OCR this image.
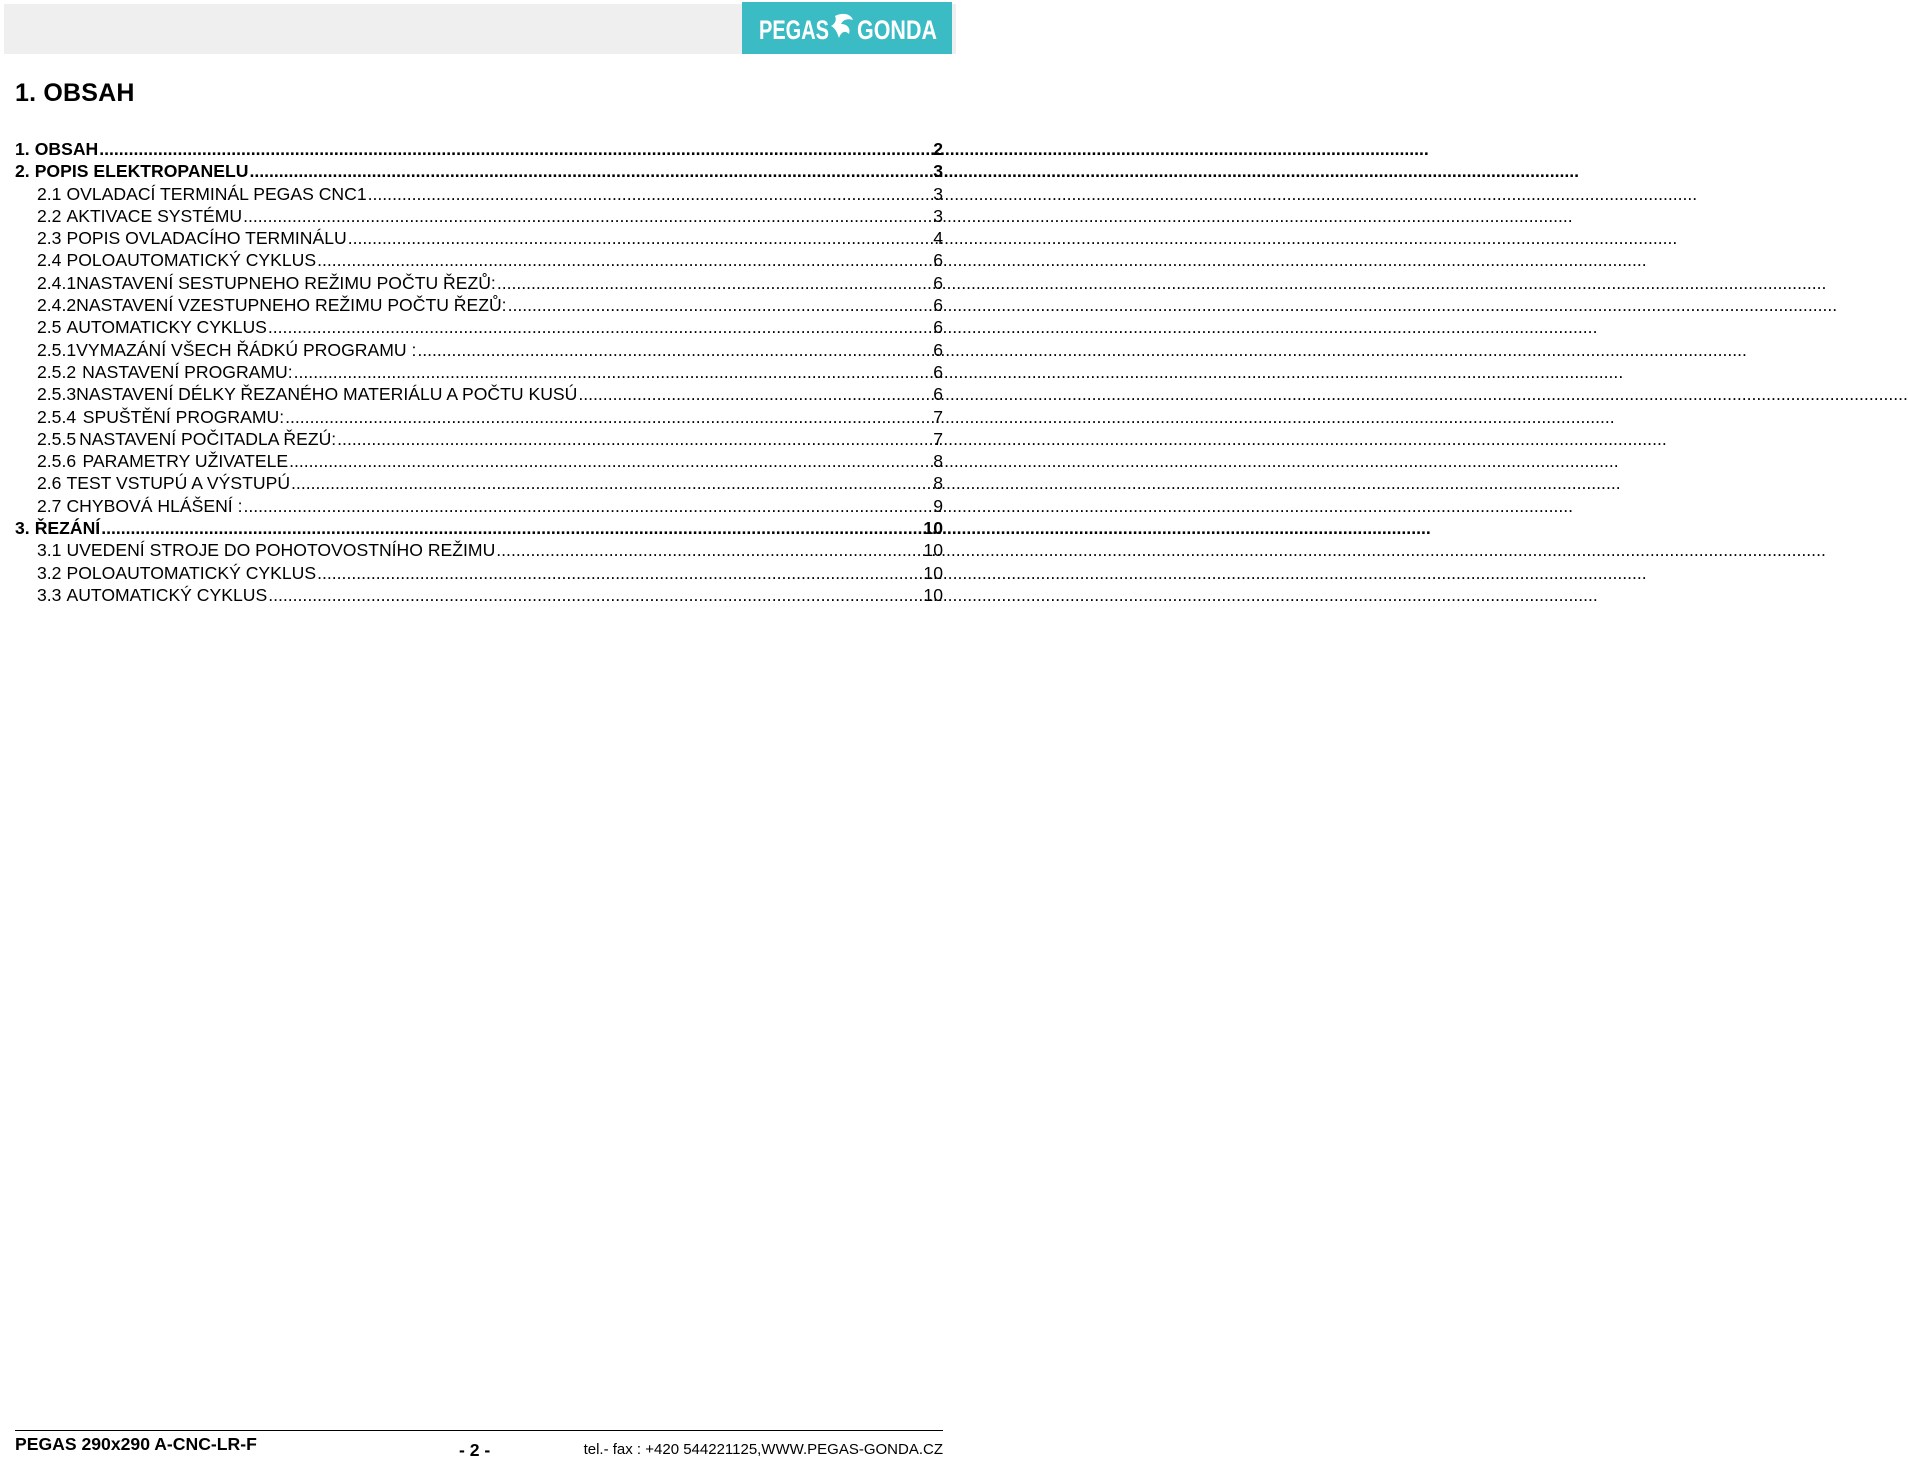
PEGAS GONDA
1. OBSAH
1. OBSAH .....	2
2. POPIS ELEKTROPANELU .....	3
2.1 OVLADACÍ TERMINÁL PEGAS CNC1 .....	3
2.2 AKTIVACE SYSTÉMU .....	3
2.3 POPIS OVLADACÍHO TERMINÁLU .....	4
2.4 POLOAUTOMATICKÝ CYKLUS .....	6
2.4.1 NASTAVENÍ SESTUPNEHO REŽIMU POČTU ŘEZŮ: .....	6
2.4.2 NASTAVENÍ VZESTUPNEHO REŽIMU POČTU ŘEZŮ: .....	6
2.5 AUTOMATICKY CYKLUS .....	6
2.5.1 VYMAZÁNÍ VŠECH ŘÁDKÚ PROGRAMU : .....	6
2.5.2 NASTAVENÍ PROGRAMU: .....	6
2.5.3 NASTAVENÍ DÉLKY ŘEZANÉHO MATERIÁLU A POČTU KUSÚ .....	6
2.5.4 SPUŠTĚNÍ PROGRAMU: .....	7
2.5.5 NASTAVENÍ POČITADLA ŘEZÚ: .....	7
2.5.6 PARAMETRY UŽIVATELE .....	8
2.6 TEST VSTUPÚ A VÝSTUPÚ .....	8
2.7 CHYBOVÁ HLÁŠENÍ : .....	9
3. ŘEZÁNÍ .....	10
3.1 UVEDENÍ STROJE DO POHOTOVOSTNÍHO REŽIMU .....	10
3.2 POLOAUTOMATICKÝ CYKLUS .....	10
3.3 AUTOMATICKÝ CYKLUS .....	10
PEGAS 290x290 A-CNC-LR-F	- 2 -	tel.- fax : +420 544221125,WWW.PEGAS-GONDA.CZ
